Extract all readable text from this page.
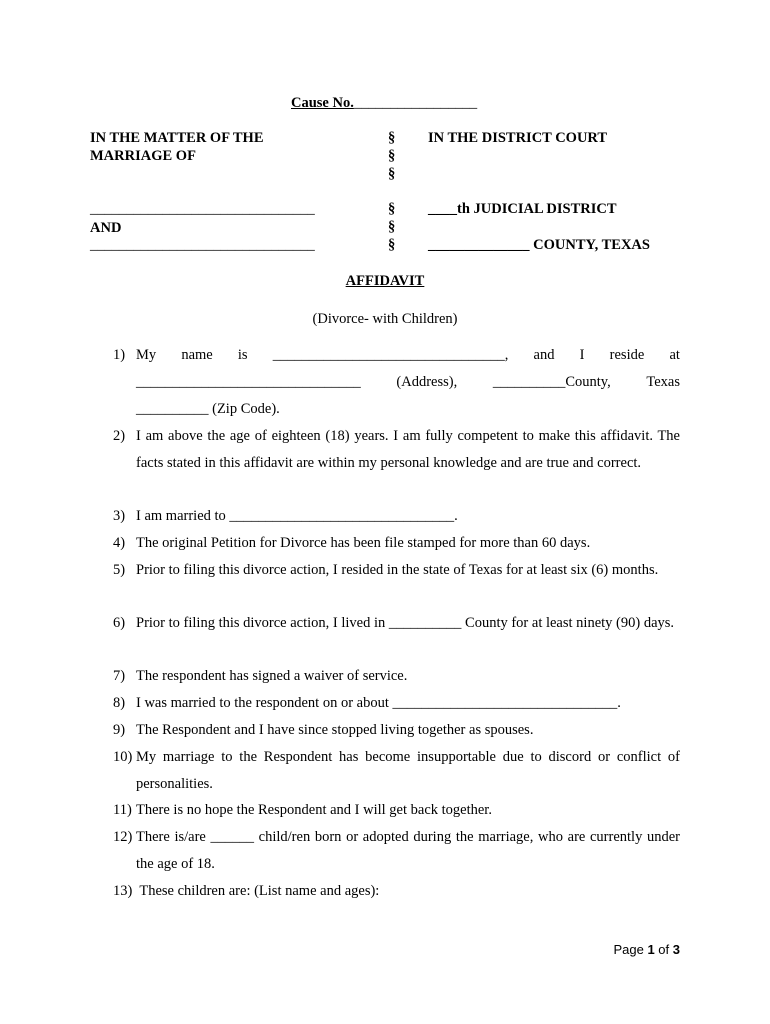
Cause No._________________
IN THE MATTER OF THE
MARRIAGE OF
§
§
§
IN THE DISTRICT COURT
_______________________________
AND
_______________________________
§
§
§
____th JUDICIAL DISTRICT
______________ COUNTY, TEXAS
AFFIDAVIT
(Divorce- with Children)
1) My name is ________________________________, and I reside at
_______________________________ (Address), __________County, Texas
__________ (Zip Code).
2) I am above the age of eighteen (18) years. I am fully competent to make this affidavit. The facts stated in this affidavit are within my personal knowledge and are true and correct.
3) I am married to _______________________________.
4) The original Petition for Divorce has been file stamped for more than 60 days.
5) Prior to filing this divorce action, I resided in the state of Texas for at least six (6) months.
6) Prior to filing this divorce action, I lived in __________ County for at least ninety (90) days.
7) The respondent has signed a waiver of service.
8) I was married to the respondent on or about _______________________________.
9) The Respondent and I have since stopped living together as spouses.
10) My marriage to the Respondent has become insupportable due to discord or conflict of personalities.
11) There is no hope the Respondent and I will get back together.
12) There is/are ______ child/ren born or adopted during the marriage, who are currently under the age of 18.
13) These children are: (List name and ages):
Page 1 of 3
